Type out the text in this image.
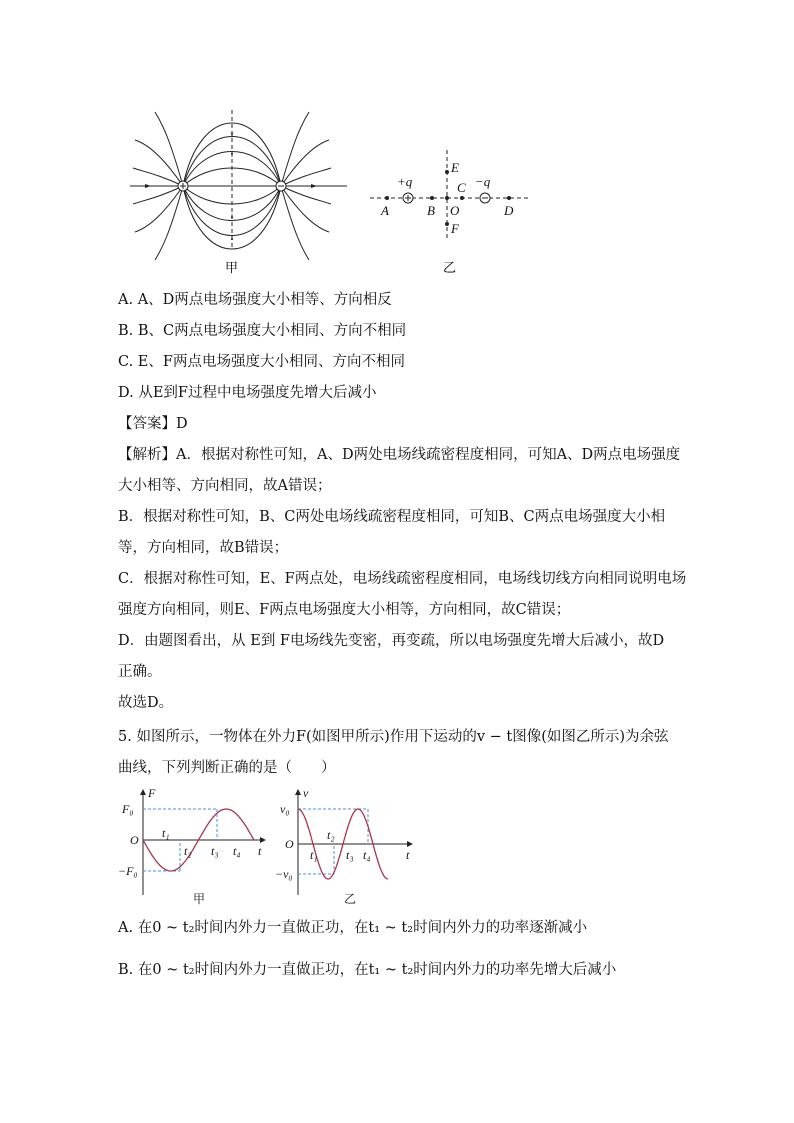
甲
+q	−q
A	B
C
O	D
E
F
乙
A. A、D两点电场强度大小相等、方向相反
B. B、C两点电场强度大小相同、方向不相同
C. E、F两点电场强度大小相同、方向不相同
D. 从E到F过程中电场强度先增大后减小
【答案】D
【解析】A．根据对称性可知，A、D两处电场线疏密程度相同，可知A、D两点电场强度
大小相等、方向相同，故A错误；
B．根据对称性可知，B、C两处电场线疏密程度相同，可知B、C两点电场强度大小相
等，方向相同，故B错误；
C．根据对称性可知，E、F两点处，电场线疏密程度相同，电场线切线方向相同说明电场
强度方向相同，则E、F两点电场强度大小相等，方向相同，故C错误；
D．由题图看出，从 E到 F电场线先变密，再变疏，所以电场强度先增大后减小，故D
正确。
故选D。
5. 如图所示，一物体在外力F(如图甲所示)作用下运动的v − t图像(如图乙所示)为余弦
曲线，下列判断正确的是（　　）
F
F₀
O
−F₀
t₁
t₂ t₃ t₄ t
甲
v
v₀
O
−v₀
t₁
t₂
t₃ t₄	t
乙
A. 在0 ~ t₂时间内外力一直做正功，在t₁ ~ t₂时间内外力的功率逐渐减小
B. 在0 ~ t₂时间内外力一直做正功，在t₁ ~ t₂时间内外力的功率先增大后减小
